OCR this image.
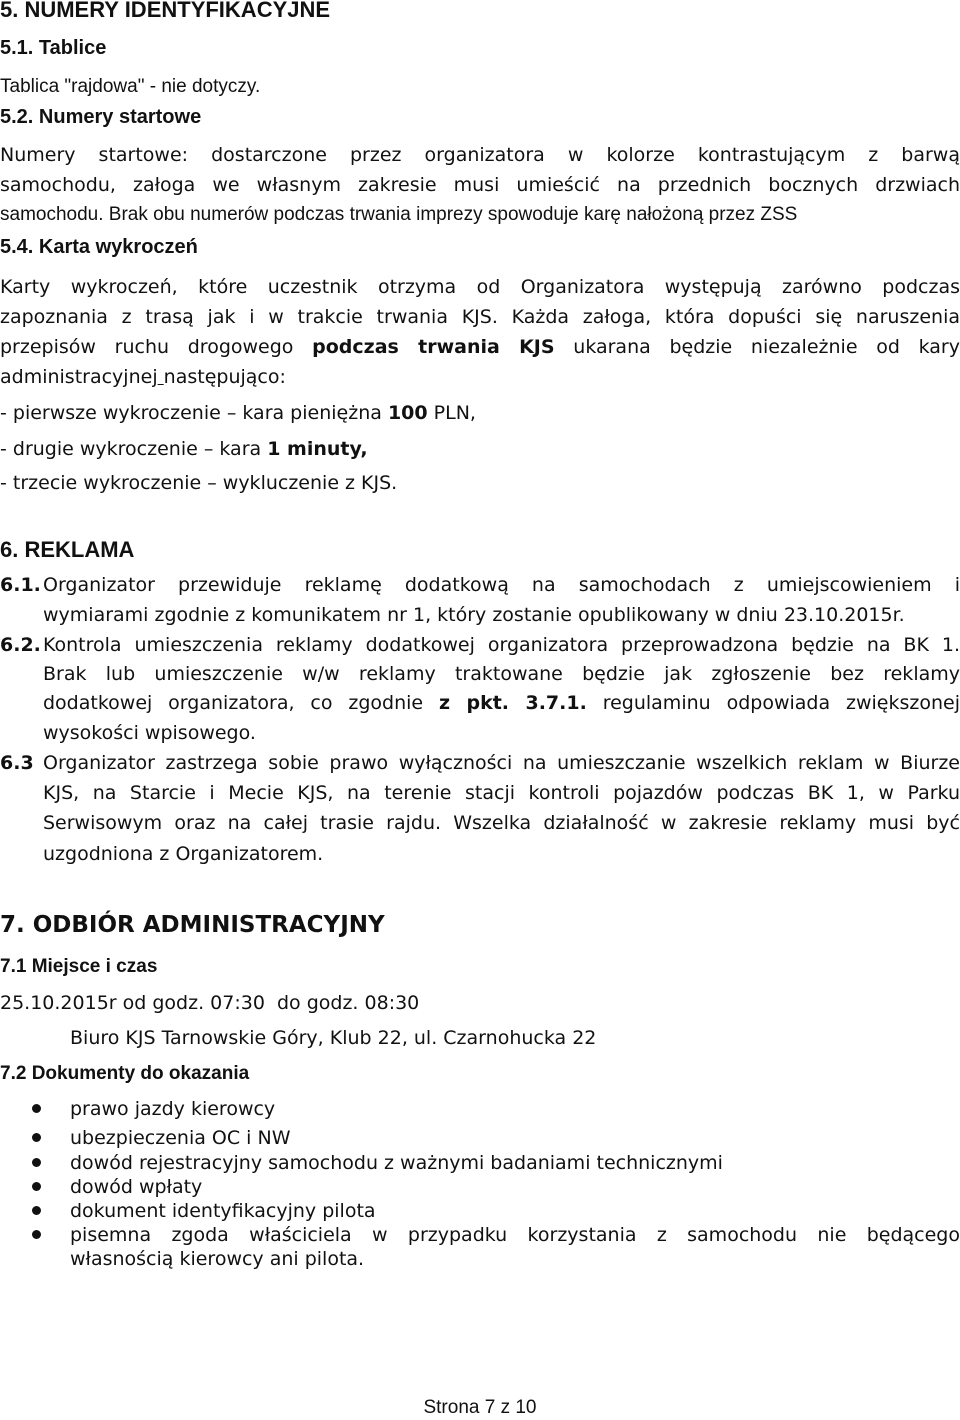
5. NUMERY IDENTYFIKACYJNE
5.1. Tablice
Tablica "rajdowa" - nie dotyczy.
5.2. Numery startowe
Numery startowe: dostarczone przez organizatora w kolorze kontrastującym z barwą
samochodu, załoga we własnym zakresie musi umieścić na przednich bocznych drzwiach
samochodu. Brak obu numerów podczas trwania imprezy spowoduje karę nałożoną przez ZSS
5.4. Karta wykroczeń
Karty wykroczeń, które uczestnik otrzyma od Organizatora występują zarówno podczas
zapoznania z trasą jak i w trakcie trwania KJS. Każda załoga, która dopuści się naruszenia
przepisów ruchu drogowego podczas trwania KJS ukarana będzie niezależnie od kary
administracyjnej następująco:
- pierwsze wykroczenie – kara pieniężna 100 PLN,
- drugie wykroczenie – kara 1 minuty,
- trzecie wykroczenie – wykluczenie z KJS.
6. REKLAMA
6.1. Organizator przewiduje reklamę dodatkową na samochodach z umiejscowieniem i
wymiarami zgodnie z komunikatem nr 1, który zostanie opublikowany w dniu 23.10.2015r.
6.2. Kontrola umieszczenia reklamy dodatkowej organizatora przeprowadzona będzie na BK 1.
Brak lub umieszczenie w/w reklamy traktowane będzie jak zgłoszenie bez reklamy
dodatkowej organizatora, co zgodnie z pkt. 3.7.1. regulaminu odpowiada zwiększonej
wysokości wpisowego.
6.3 Organizator zastrzega sobie prawo wyłączności na umieszczanie wszelkich reklam w Biurze
KJS, na Starcie i Mecie KJS, na terenie stacji kontroli pojazdów podczas BK 1, w Parku
Serwisowym oraz na całej trasie rajdu. Wszelka działalność w zakresie reklamy musi być
uzgodniona z Organizatorem.
7. ODBIÓR ADMINISTRACYJNY
7.1 Miejsce i czas
25.10.2015r od godz. 07:30  do godz. 08:30
Biuro KJS Tarnowskie Góry, Klub 22, ul. Czarnohucka 22
7.2 Dokumenty do okazania
prawo jazdy kierowcy
ubezpieczenia OC i NW
dowód rejestracyjny samochodu z ważnymi badaniami technicznymi
dowód wpłaty
dokument identyfikacyjny pilota
pisemna zgoda właściciela w przypadku korzystania z samochodu nie będącego
własnością kierowcy ani pilota.
Strona 7 z 10
